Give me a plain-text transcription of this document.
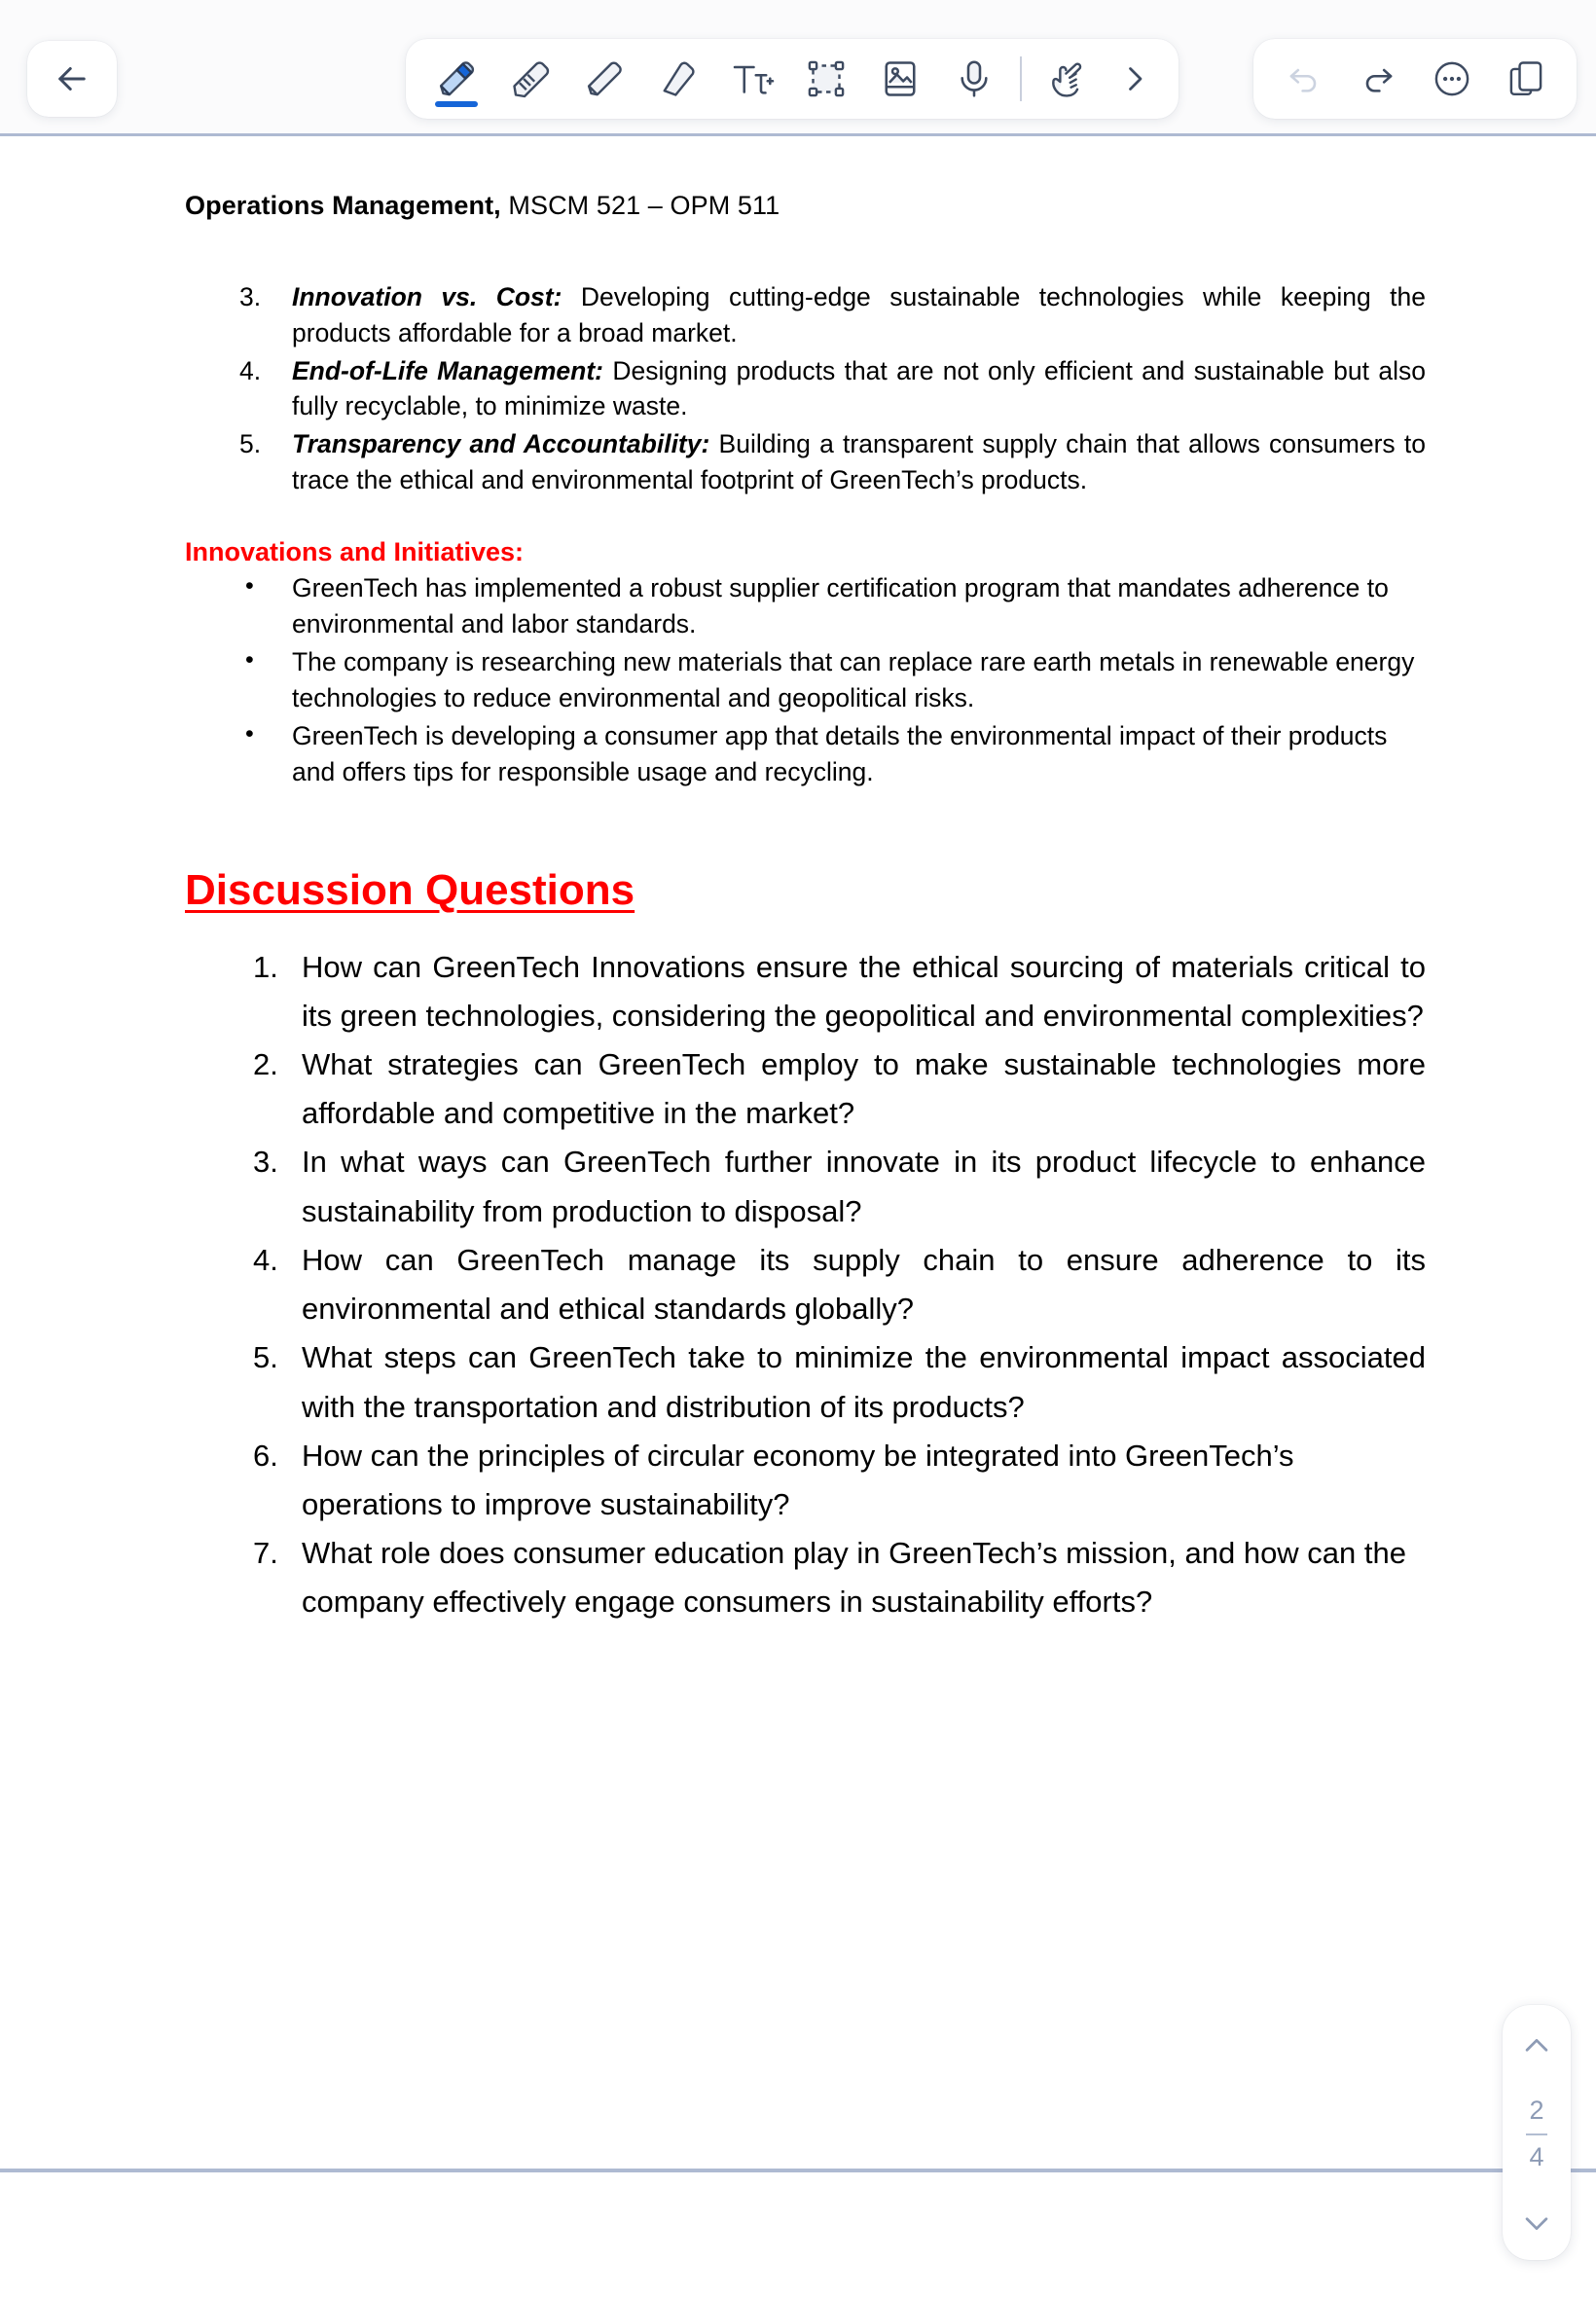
Operations Management, MSCM 521 – OPM 511
3.	Innovation vs. Cost: Developing cutting-edge sustainable technologies while keeping the products affordable for a broad market.
4.	End-of-Life Management: Designing products that are not only efficient and sustainable but also fully recyclable, to minimize waste.
5.	Transparency and Accountability: Building a transparent supply chain that allows consumers to trace the ethical and environmental footprint of GreenTech’s products.
Innovations and Initiatives:
• GreenTech has implemented a robust supplier certification program that mandates adherence to environmental and labor standards.
• The company is researching new materials that can replace rare earth metals in renewable energy technologies to reduce environmental and geopolitical risks.
• GreenTech is developing a consumer app that details the environmental impact of their products and offers tips for responsible usage and recycling.
Discussion Questions
1. How can GreenTech Innovations ensure the ethical sourcing of materials critical to its green technologies, considering the geopolitical and environmental complexities?
2. What strategies can GreenTech employ to make sustainable technologies more affordable and competitive in the market?
3. In what ways can GreenTech further innovate in its product lifecycle to enhance sustainability from production to disposal?
4. How can GreenTech manage its supply chain to ensure adherence to its environmental and ethical standards globally?
5. What steps can GreenTech take to minimize the environmental impact associated with the transportation and distribution of its products?
6. How can the principles of circular economy be integrated into GreenTech’s operations to improve sustainability?
7. What role does consumer education play in GreenTech’s mission, and how can the company effectively engage consumers in sustainability efforts?
2
4
